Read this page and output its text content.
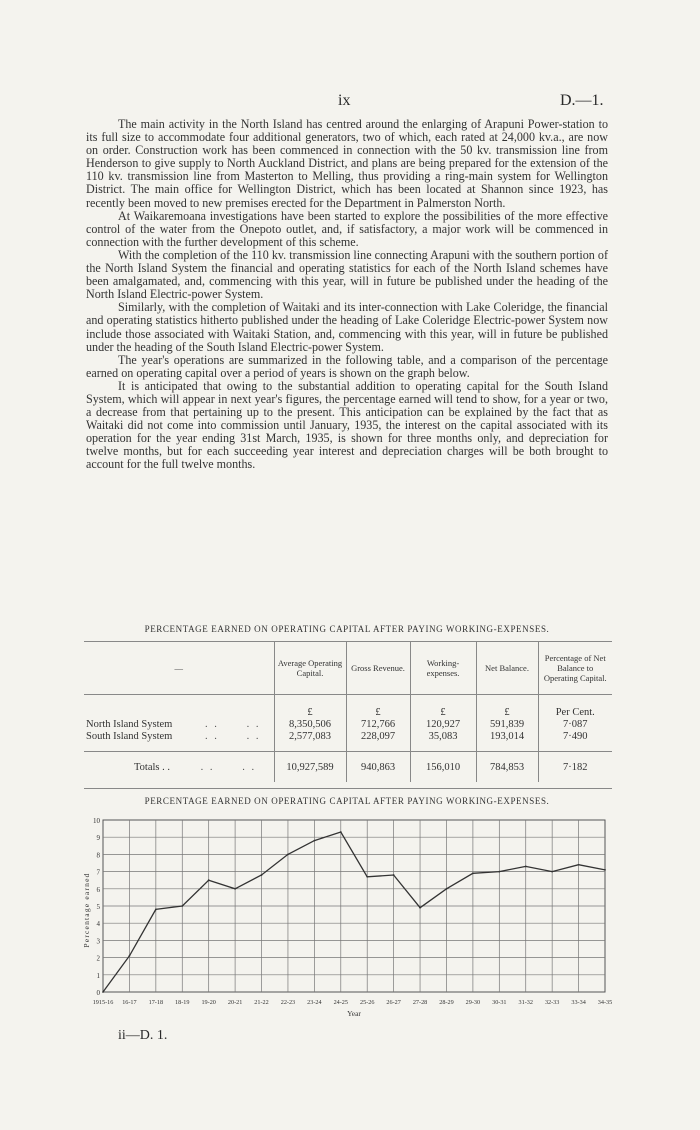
ix	D.—1.

The main activity in the North Island has centred around the enlarging of Arapuni Power-station to its full size to accommodate four additional generators, two of which, each rated at 24,000 kv.a., are now on order. Construction work has been commenced in connection with the 50 kv. transmission line from Henderson to give supply to North Auckland District, and plans are being prepared for the extension of the 110 kv. transmission line from Masterton to Melling, thus providing a ring-main system for Wellington District. The main office for Wellington District, which has been located at Shannon since 1923, has recently been moved to new premises erected for the Department in Palmerston North.

At Waikaremoana investigations have been started to explore the possibilities of the more effective control of the water from the Onepoto outlet, and, if satisfactory, a major work will be commenced in connection with the further development of this scheme.

With the completion of the 110 kv. transmission line connecting Arapuni with the southern portion of the North Island System the financial and operating statistics for each of the North Island schemes have been amalgamated, and, commencing with this year, will in future be published under the heading of the North Island Electric-power System.

Similarly, with the completion of Waitaki and its inter-connection with Lake Coleridge, the financial and operating statistics hitherto published under the heading of Lake Coleridge Electric-power System now include those associated with Waitaki Station, and, commencing with this year, will in future be published under the heading of the South Island Electric-power System.

The year's operations are summarized in the following table, and a comparison of the percentage earned on operating capital over a period of years is shown on the graph below.

It is anticipated that owing to the substantial addition to operating capital for the South Island System, which will appear in next year's figures, the percentage earned will tend to show, for a year or two, a decrease from that pertaining up to the present. This anticipation can be explained by the fact that as Waitaki did not come into commission until January, 1935, the interest on the capital associated with its operation for the year ending 31st March, 1935, is shown for three months only, and depreciation for twelve months, but for each succeeding year interest and depreciation charges will be both brought to account for the full twelve months.

PERCENTAGE EARNED ON OPERATING CAPITAL AFTER PAYING WORKING-EXPENSES.
—	Average Operating Capital.	Gross Revenue.	Working-expenses.	Net Balance.	Percentage of Net Balance to Operating Capital.
	£	£	£	£	Per Cent.
North Island System . .      . .	8,350,506	712,766	120,927	591,839	7·087
South Island System . .      . .	2,577,083	228,097	35,083	193,014	7·490

Totals . . . .      . .	10,927,589	940,863	156,010	784,853	7·182
PERCENTAGE EARNED ON OPERATING CAPITAL AFTER PAYING WORKING-EXPENSES.
0
1
2
3
4
5
6
7
8
9
10
1915-16 16-17 17-18 18-19 19-20 20-21 21-22 22-23 23-24 24-25 25-26 26-27 27-28 28-29 29-30 30-31 31-32 32-33 33-34 34-35
Year
Percentage earned
ii—D. 1.
